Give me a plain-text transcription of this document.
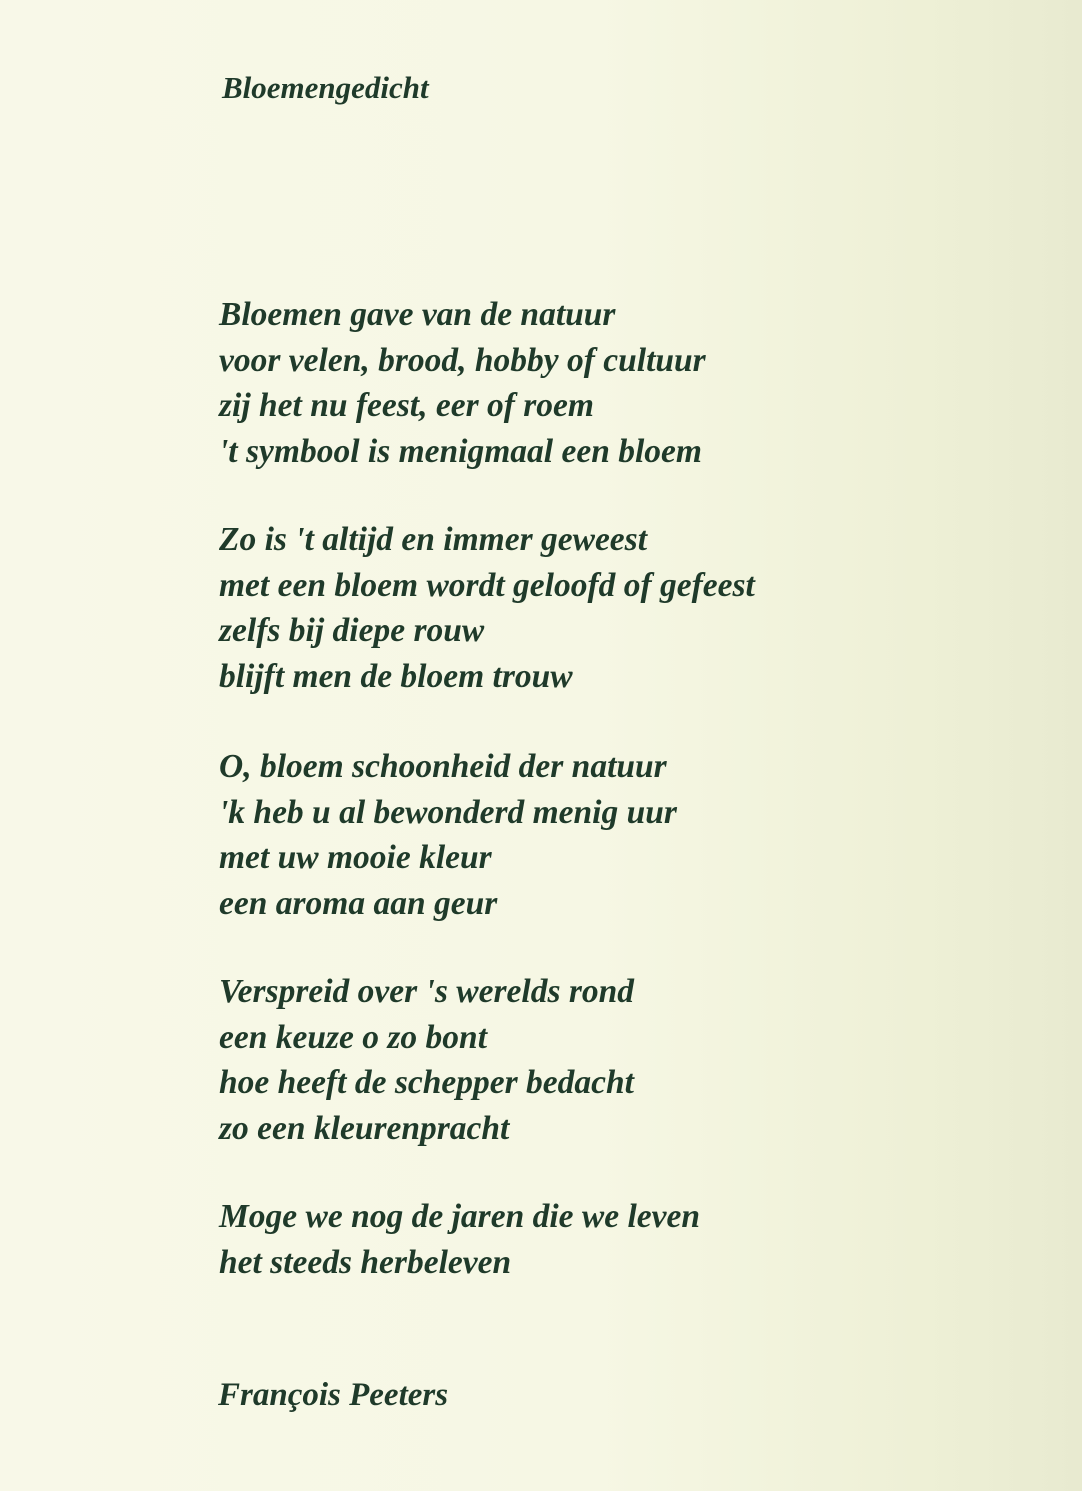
Bloemengedicht
Bloemen gave van de natuur
voor velen, brood, hobby of cultuur
zij het nu feest, eer of roem
't symbool is menigmaal een bloem
Zo is 't altijd en immer geweest
met een bloem wordt geloofd of gefeest
zelfs bij diepe rouw
blijft men de bloem trouw
O, bloem schoonheid der natuur
'k heb u al bewonderd menig uur
met uw mooie kleur
een aroma aan geur
Verspreid over 's werelds rond
een keuze o zo bont
hoe heeft de schepper bedacht
zo een kleurenpracht
Moge we nog de jaren die we leven
het steeds herbeleven

François Peeters
